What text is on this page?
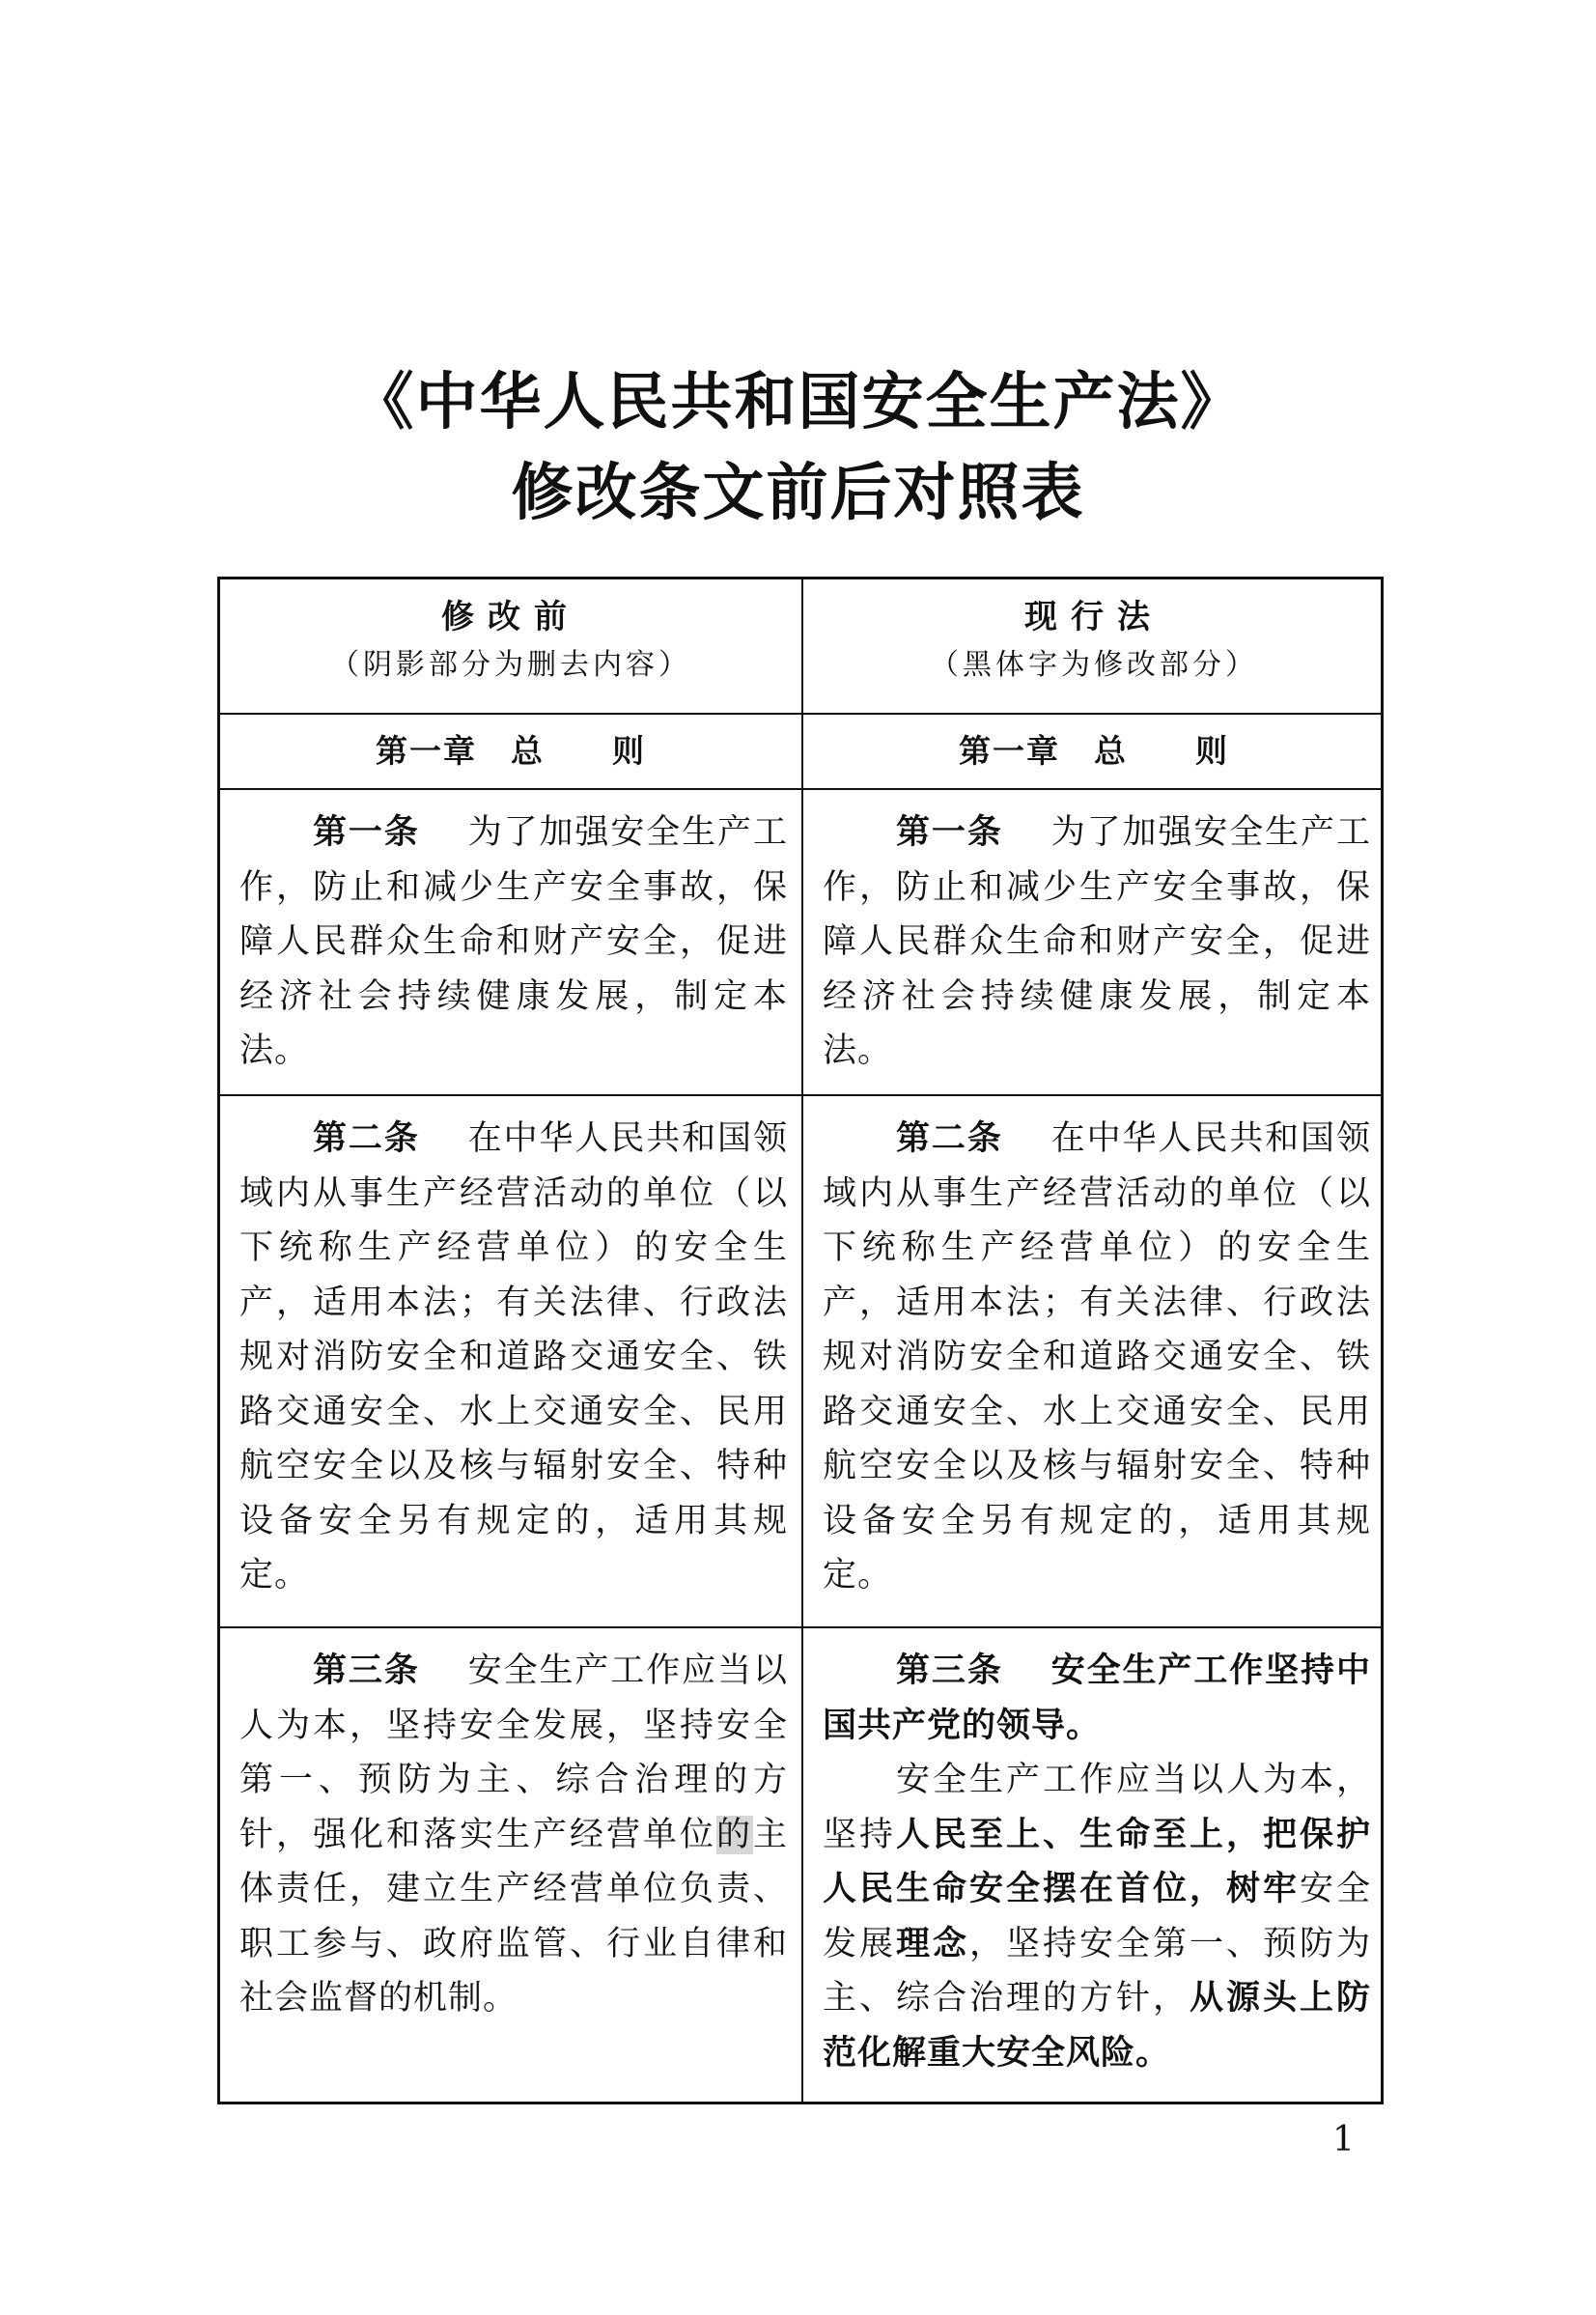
《中华人民共和国安全生产法》
修改条文前后对照表
修改前
（阴影部分为删去内容）
现行法
（黑体字为修改部分）
第一章　总　　则	第一章　总　　则

第一条　 为了加强安全生产工作，防止和减少生产安全事故，保障人民群众生命和财产安全，促进经济社会持续健康发展，制定本法。

第一条　 为了加强安全生产工作，防止和减少生产安全事故，保障人民群众生命和财产安全，促进经济社会持续健康发展，制定本法。

第二条　 在中华人民共和国领域内从事生产经营活动的单位（以下统称生产经营单位）的安全生产，适用本法；有关法律、行政法规对消防安全和道路交通安全、铁路交通安全、水上交通安全、民用航空安全以及核与辐射安全、特种设备安全另有规定的，适用其规定。

第二条　 在中华人民共和国领域内从事生产经营活动的单位（以下统称生产经营单位）的安全生产，适用本法；有关法律、行政法规对消防安全和道路交通安全、铁路交通安全、水上交通安全、民用航空安全以及核与辐射安全、特种设备安全另有规定的，适用其规定。

第三条　 安全生产工作应当以人为本，坚持安全发展，坚持安全第一、预防为主、综合治理的方针，强化和落实生产经营单位的主体责任，建立生产经营单位负责、职工参与、政府监管、行业自律和社会监督的机制。

第三条　 安全生产工作坚持中国共产党的领导。

安全生产工作应当以人为本，坚持人民至上、生命至上，把保护人民生命安全摆在首位，树牢安全发展理念，坚持安全第一、预防为主、综合治理的方针，从源头上防范化解重大安全风险。

1
